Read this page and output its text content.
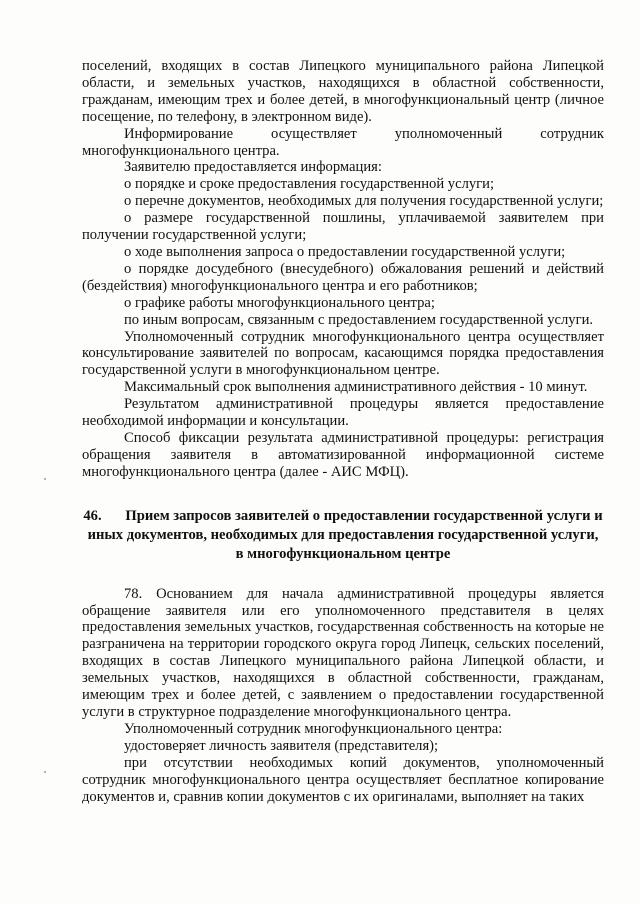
поселений, входящих в состав Липецкого муниципального района Липецкой области, и земельных участков, находящихся в областной собственности, гражданам, имеющим трех и более детей, в многофункциональный центр (личное посещение, по телефону, в электронном виде).

Информирование осуществляет уполномоченный сотрудник многофункционального центра.

Заявителю предоставляется информация:

о порядке и сроке предоставления государственной услуги;

о перечне документов, необходимых для получения государственной услуги;

о размере государственной пошлины, уплачиваемой заявителем при получении государственной услуги;

о ходе выполнения запроса о предоставлении государственной услуги;

о порядке досудебного (внесудебного) обжалования решений и действий (бездействия) многофункционального центра и его работников;

о графике работы многофункционального центра;

по иным вопросам, связанным с предоставлением государственной услуги.

Уполномоченный сотрудник многофункционального центра осуществляет консультирование заявителей по вопросам, касающимся порядка предоставления государственной услуги в многофункциональном центре.

Максимальный срок выполнения административного действия - 10 минут.

Результатом административной процедуры является предоставление необходимой информации и консультации.

Способ фиксации результата административной процедуры: регистрация обращения заявителя в автоматизированной информационной системе многофункционального центра (далее - АИС МФЦ).

46. Прием запросов заявителей о предоставлении государственной услуги и иных документов, необходимых для предоставления государственной услуги, в многофункциональном центре

78. Основанием для начала административной процедуры является обращение заявителя или его уполномоченного представителя в целях предоставления земельных участков, государственная собственность на которые не разграничена на территории городского округа город Липецк, сельских поселений, входящих в состав Липецкого муниципального района Липецкой области, и земельных участков, находящихся в областной собственности, гражданам, имеющим трех и более детей, с заявлением о предоставлении государственной услуги в структурное подразделение многофункционального центра.

Уполномоченный сотрудник многофункционального центра:

удостоверяет личность заявителя (представителя);

при отсутствии необходимых копий документов, уполномоченный сотрудник многофункционального центра осуществляет бесплатное копирование документов и, сравнив копии документов с их оригиналами, выполняет на таких
